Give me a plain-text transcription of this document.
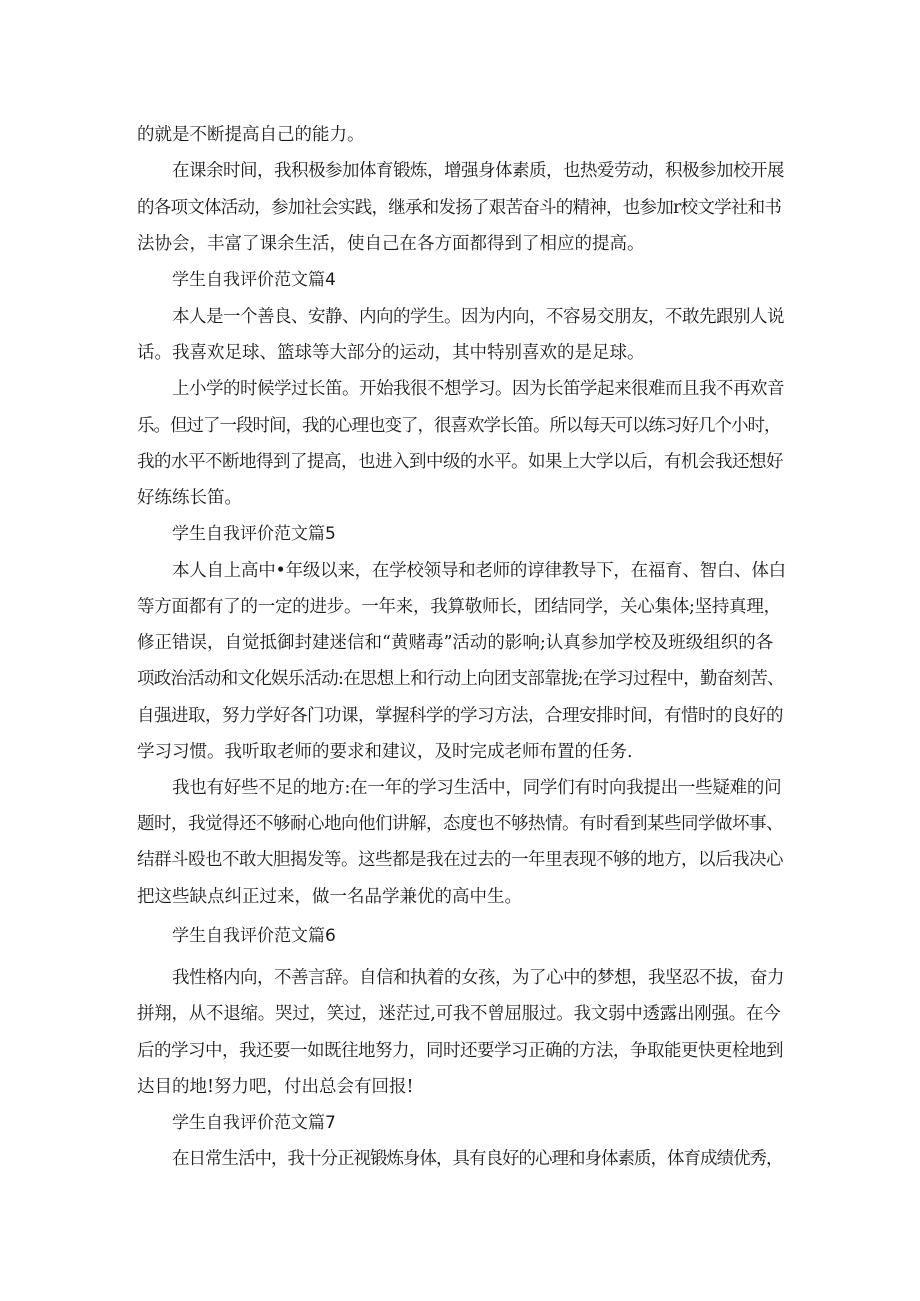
的就是不断提高自己的能力。
在课余时间，我积极参加体育锻炼，增强身体素质，也热爱劳动，积极参加校开展
的各项文体活动，参加社会实践，继承和发扬了艰苦奋斗的精神，也参加r校文学社和书
法协会，丰富了课余生活，使自己在各方面都得到了相应的提高。
学生自我评价范文篇4
本人是一个善良、安静、内向的学生。因为内向，不容易交朋友，不敢先跟别人说
话。我喜欢足球、篮球等大部分的运动，其中特别喜欢的是足球。
上小学的时候学过长笛。开始我很不想学习。因为长笛学起来很难而且我不再欢音
乐。但过了一段时间，我的心理也变了，很喜欢学长笛。所以每天可以练习好几个小时，
我的水平不断地得到了提高，也进入到中级的水平。如果上大学以后，有机会我还想好
好练练长笛。
学生自我评价范文篇5
本人自上高中•年级以来，在学校领导和老师的谆律教导下，在福育、智白、体白
等方面都有了的一定的进步。一年来，我算敬师长，团结同学，关心集体;坚持真理，
修正错误，自觉抵御封建迷信和“黄赌毒”活动的影响;认真参加学校及班级组织的各
项政治活动和文化娱乐活动:在思想上和行动上向团支部靠拢;在学习过程中，勤奋刻苦、
自强进取，努力学好各门功课，掌握科学的学习方法，合理安排时间，有惜时的良好的
学习习惯。我听取老师的要求和建议，及时完成老师布置的任务.
我也有好些不足的地方:在一年的学习生活中，同学们有时向我提出一些疑难的问
题时，我觉得还不够耐心地向他们讲解，态度也不够热情。有时看到某些同学做坏事、
结群斗殴也不敢大胆揭发等。这些都是我在过去的一年里表现不够的地方，以后我决心
把这些缺点纠正过来，做一名品学兼优的高中生。
学生自我评价范文篇6
我性格内向，不善言辞。自信和执着的女孩，为了心中的梦想，我坚忍不拔，奋力
拼翔，从不退缩。哭过，笑过，迷茫过,可我不曾屈服过。我文弱中透露出刚强。在今
后的学习中，我还要一如既往地努力，同时还要学习正确的方法，争取能更快更栓地到
达目的地!努力吧，付出总会有回报!
学生自我评价范文篇7
在日常生活中，我十分正视锻炼身体，具有良好的心理和身体素质，体育成绩优秀，
